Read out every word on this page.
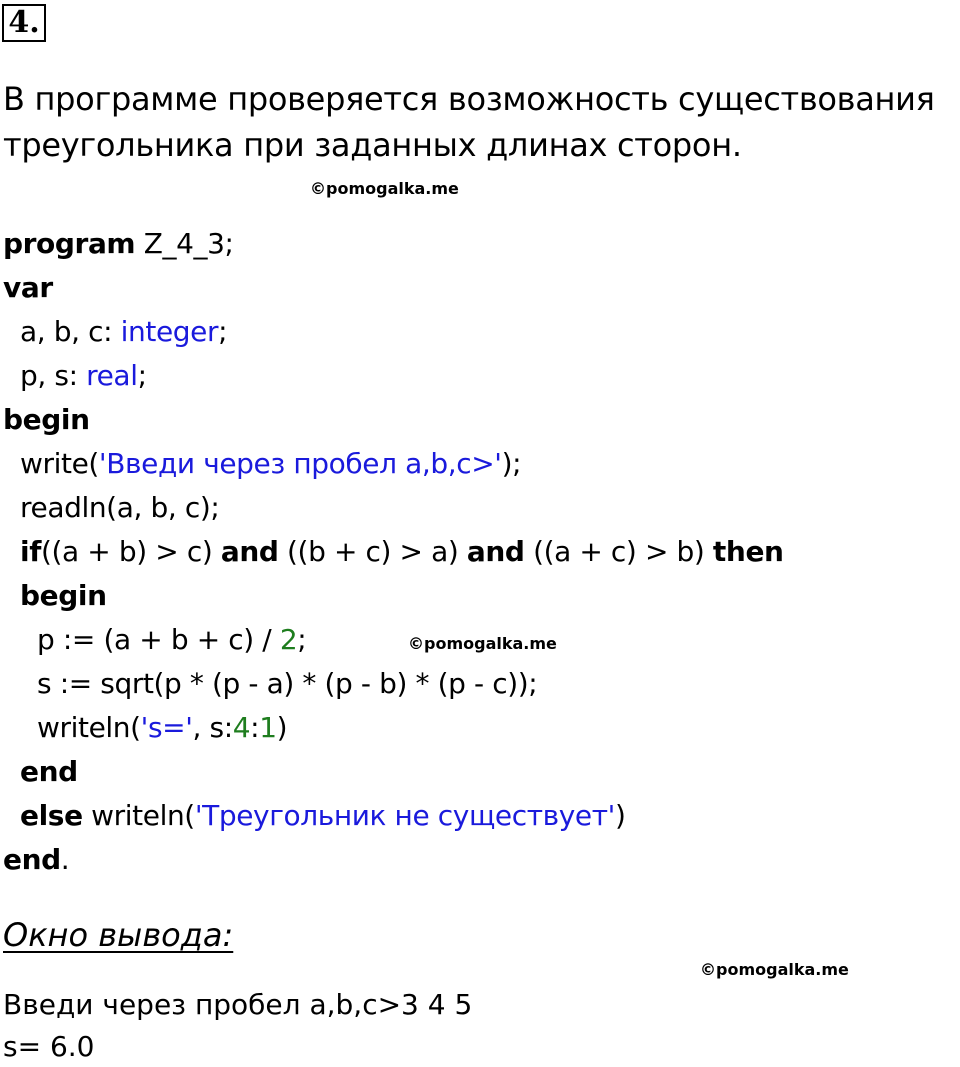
4.
В программе проверяется возможность существования
треугольника при заданных длинах сторон.
©pomogalka.me
program Z_4_3;
var
a, b, c: integer;
p, s: real;
begin
write('Введи через пробел a,b,c>');
readln(a, b, c);
if((a + b) > c) and ((b + c) > a) and ((a + c) > b) then
begin
p := (a + b + c) / 2;
s := sqrt(p * (p - a) * (p - b) * (p - c));
writeln('s=', s:4:1)
end
else writeln('Треугольник не существует')
end.
©pomogalka.me
Окно вывода:
©pomogalka.me
Введи через пробел a,b,c>3 4 5
s= 6.0
